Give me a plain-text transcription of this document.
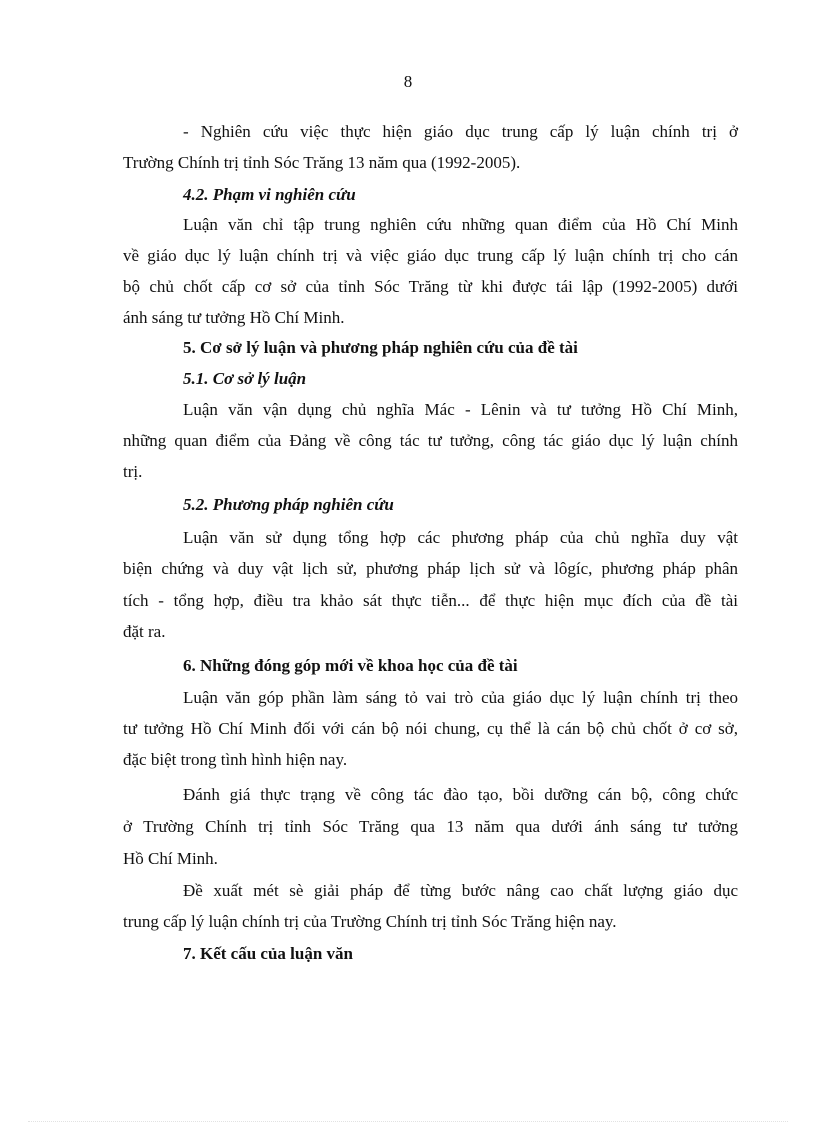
8
- Nghiên cứu việc thực hiện giáo dục trung cấp lý luận chính trị ở
Trường Chính trị tỉnh Sóc Trăng 13 năm qua (1992-2005).
4.2. Phạm vi nghiên cứu
Luận văn chỉ tập trung nghiên cứu những quan điểm của Hồ Chí Minh
về giáo dục lý luận chính trị và việc giáo dục trung cấp lý luận chính trị cho cán
bộ chủ chốt cấp cơ sở của tỉnh Sóc Trăng từ khi được tái lập (1992-2005) dưới
ánh sáng tư tưởng Hồ Chí Minh.
5. Cơ sở lý luận và phương pháp nghiên cứu của đề tài
5.1. Cơ sở lý luận
Luận văn vận dụng chủ nghĩa Mác - Lênin và tư tưởng Hồ Chí Minh,
những quan điểm của Đảng về công tác tư tưởng, công tác giáo dục lý luận chính
trị.
5.2. Phương pháp nghiên cứu
Luận văn sử dụng tổng hợp các phương pháp của chủ nghĩa duy vật
biện chứng và duy vật lịch sử, phương pháp lịch sử và lôgíc, phương pháp phân
tích - tổng hợp, điều tra khảo sát thực tiễn... để thực hiện mục đích của đề tài
đặt ra.
6. Những đóng góp mới về khoa học của đề tài
Luận văn góp phần làm sáng tỏ vai trò của giáo dục lý luận chính trị theo
tư tưởng Hồ Chí Minh đối với cán bộ nói chung, cụ thể là cán bộ chủ chốt ở cơ sở,
đặc biệt trong tình hình hiện nay.
Đánh giá thực trạng về công tác đào tạo, bồi dưỡng cán bộ, công chức
ở Trường Chính trị tỉnh Sóc Trăng qua 13 năm qua dưới ánh sáng tư tưởng
Hồ Chí Minh.
Đề xuất mét sè giải pháp để từng bước nâng cao chất lượng giáo dục
trung cấp lý luận chính trị của Trường Chính trị tỉnh Sóc Trăng hiện nay.
7. Kết cấu của luận văn
